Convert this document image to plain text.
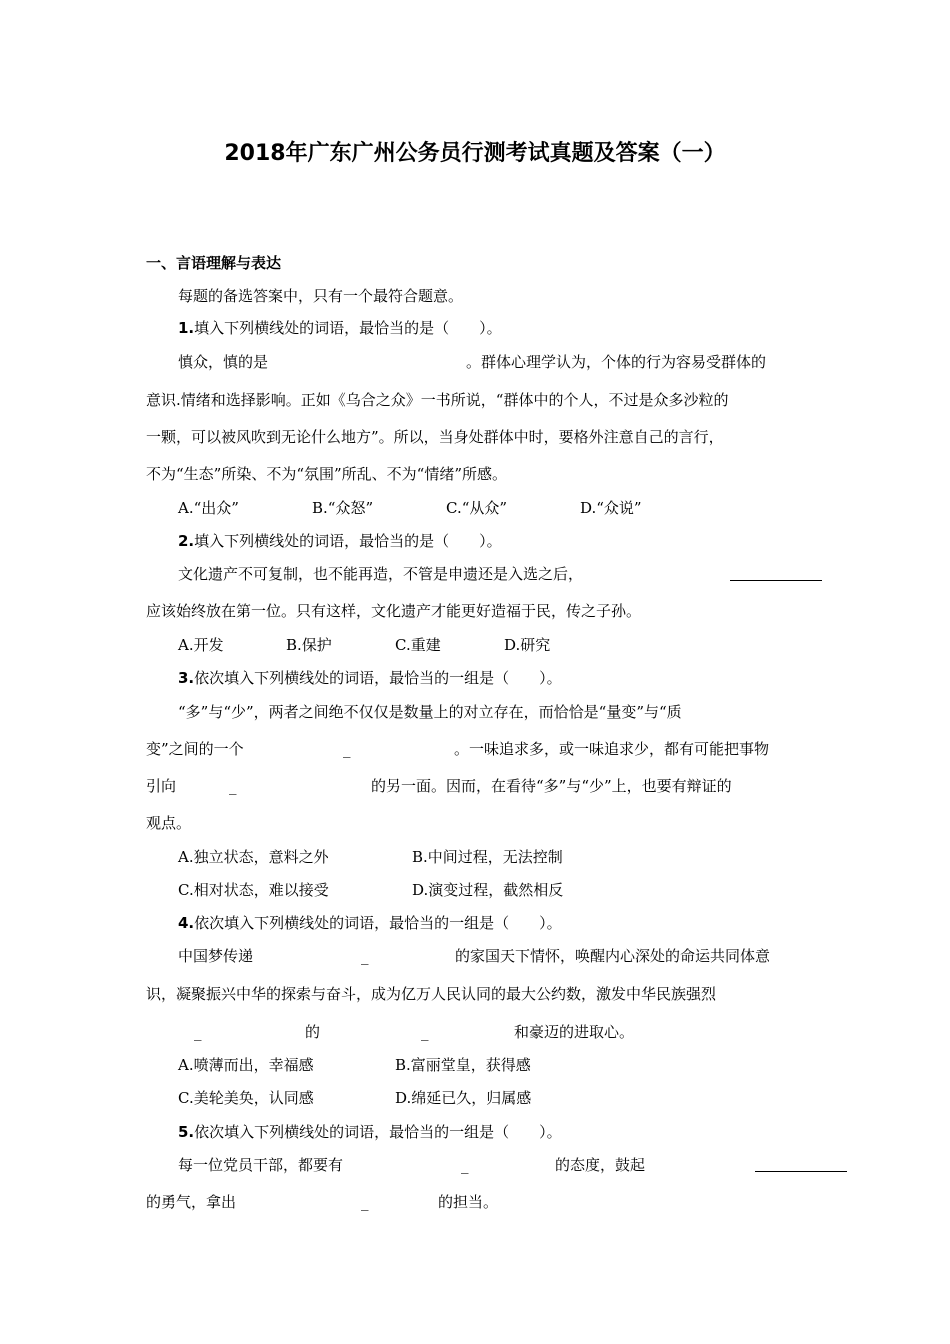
2018年广东广州公务员行测考试真题及答案（一）
一、言语理解与表达
每题的备选答案中，只有一个最符合题意。
1.填入下列横线处的词语，最恰当的是（　　）。
慎众，慎的是	。群体心理学认为，个体的行为容易受群体的
意识.情绪和选择影响。正如《乌合之众》一书所说，“群体中的个人，不过是众多沙粒的
一颗，可以被风吹到无论什么地方”。所以，当身处群体中时，要格外注意自己的言行，
不为“生态”所染、不为“氛围”所乱、不为“情绪”所感。
A.“出众”	B.“众怒”	C.“从众”	D.“众说”
2.填入下列横线处的词语，最恰当的是（　　）。
文化遗产不可复制，也不能再造，不管是申遗还是入选之后，
应该始终放在第一位。只有这样，文化遗产才能更好造福于民，传之子孙。
A.开发	B.保护	C.重建	D.研究
3.依次填入下列横线处的词语，最恰当的一组是（　　）。
“多”与“少”，两者之间绝不仅仅是数量上的对立存在，而恰恰是“量变”与“质
变”之间的一个	_	。一味追求多，或一味追求少，都有可能把事物
引向	_	的另一面。因而，在看待“多”与“少”上，也要有辩证的
观点。
A.独立状态，意料之外	B.中间过程，无法控制
C.相对状态，难以接受	D.演变过程，截然相反
4.依次填入下列横线处的词语，最恰当的一组是（　　）。
中国梦传递	_	的家国天下情怀，唤醒内心深处的命运共同体意
识，凝聚振兴中华的探索与奋斗，成为亿万人民认同的最大公约数，激发中华民族强烈
_	的	_	和豪迈的进取心。
A.喷薄而出，幸福感	B.富丽堂皇，获得感
C.美轮美奂，认同感	D.绵延已久，归属感
5.依次填入下列横线处的词语，最恰当的一组是（　　）。
每一位党员干部，都要有	_	的态度，鼓起
的勇气，拿出	_	的担当。
